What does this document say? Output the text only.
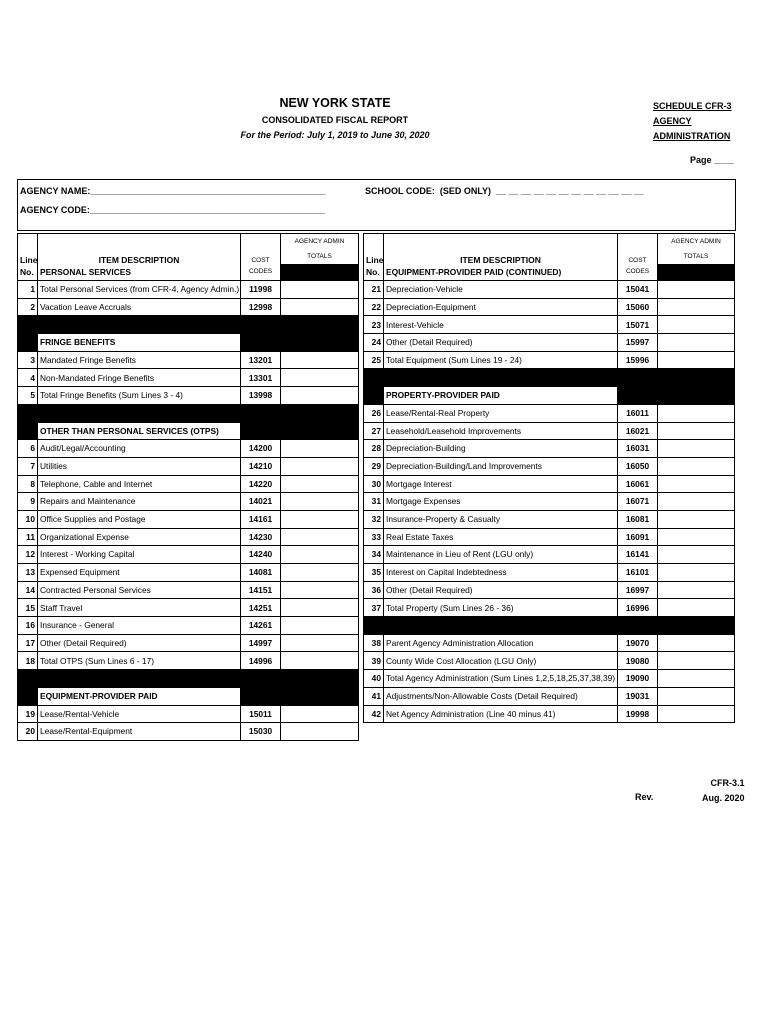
NEW YORK STATE
CONSOLIDATED FISCAL REPORT
For the Period: July 1, 2019 to June 30, 2020
SCHEDULE CFR-3
AGENCY
ADMINISTRATION
Page ____
AGENCY NAME:_______________________________________________	SCHOOL CODE:  (SED ONLY)  __ __ __ __ __ __ __ __ __ __ __ __
AGENCY CODE:_______________________________________________
Line	ITEM DESCRIPTION	COST	AGENCY ADMIN
TOTALS

No.	PERSONAL SERVICES	CODES	
1	Total Personal Services (from CFR-4, Agency Admin.)	11998	
2	Vacation Leave Accruals	12998	

	FRINGE BENEFITS		
3	Mandated Fringe Benefits	13201	
4	Non-Mandated Fringe Benefits	13301	
5	Total Fringe Benefits (Sum Lines 3 - 4)	13998	

	OTHER THAN PERSONAL SERVICES (OTPS)		
6	Audit/Legal/Accounting	14200	
7	Utilities	14210	
8	Telephone, Cable and Internet	14220	
9	Repairs and Maintenance	14021	
10	Office Supplies and Postage	14161	
11	Organizational Expense	14230	
12	Interest - Working Capital	14240	
13	Expensed Equipment	14081	
14	Contracted Personal Services	14151	
15	Staff Travel	14251	
16	Insurance - General	14261	
17	Other (Detail Required)	14997	
18	Total OTPS (Sum Lines 6 - 17)	14996	

	EQUIPMENT-PROVIDER PAID		
19	Lease/Rental-Vehicle	15011	
20	Lease/Rental-Equipment	15030	
Line	ITEM DESCRIPTION	COST	AGENCY ADMIN
TOTALS

No.	EQUIPMENT-PROVIDER PAID (CONTINUED)	CODES	
21	Depreciation-Vehicle	15041	
22	Depreciation-Equipment	15060	
23	Interest-Vehicle	15071	
24	Other (Detail Required)	15997	
25	Total Equipment (Sum Lines 19 - 24)	15996	

	PROPERTY-PROVIDER PAID		
26	Lease/Rental-Real Property	16011	
27	Leasehold/Leasehold Improvements	16021	
28	Depreciation-Building	16031	
29	Depreciation-Building/Land Improvements	16050	
30	Mortgage Interest	16061	
31	Mortgage Expenses	16071	
32	Insurance-Property & Casualty	16081	
33	Real Estate Taxes	16091	
34	Maintenance in Lieu of Rent (LGU only)	16141	
35	Interest on Capital Indebtedness	16101	
36	Other (Detail Required)	16997	
37	Total Property (Sum Lines 26 - 36)	16996	

38	Parent Agency Administration Allocation	19070	
39	County Wide Cost Allocation (LGU Only)	19080	
40	Total Agency Administration (Sum Lines 1,2,5,18,25,37,38,39)	19090	
41	Adjustments/Non-Allowable Costs (Detail Required)	19031	
42	Net Agency Administration (Line 40 minus 41)	19998	
Rev.
CFR-3.1
Aug. 2020
